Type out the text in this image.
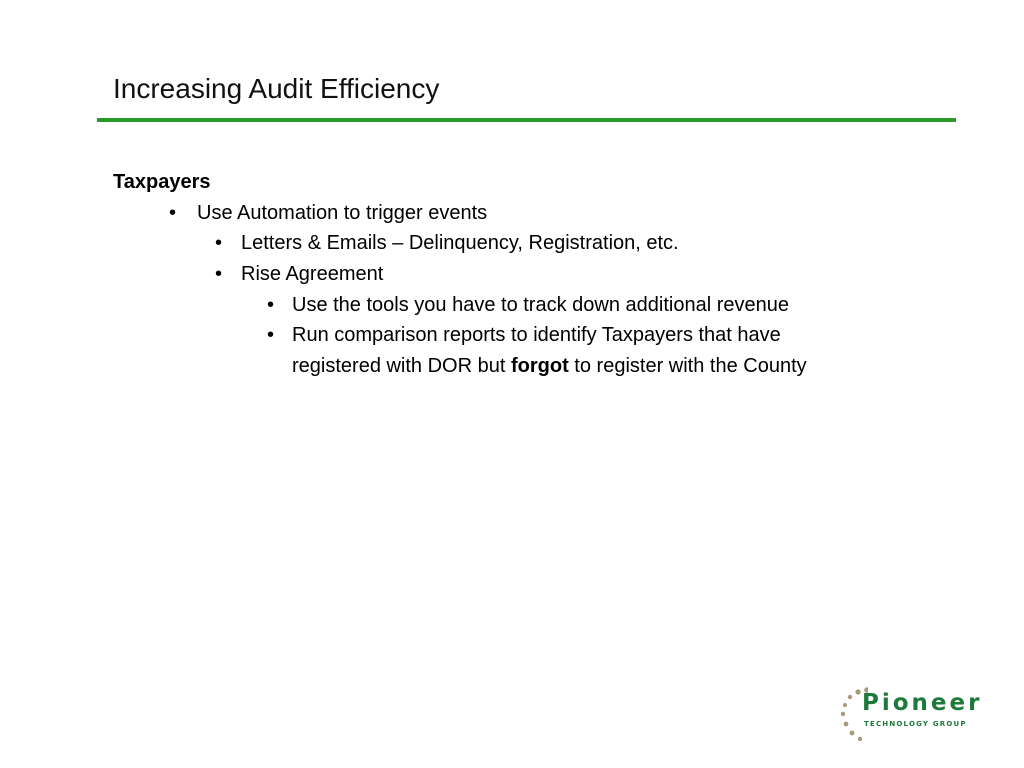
Increasing Audit Efficiency
Taxpayers
• Use Automation to trigger events
• Letters & Emails – Delinquency, Registration, etc.
• Rise Agreement
• Use the tools you have to track down additional revenue
• Run comparison reports to identify Taxpayers that have
registered with DOR but forgot to register with the County
Pioneer
TECHNOLOGY GROUP
